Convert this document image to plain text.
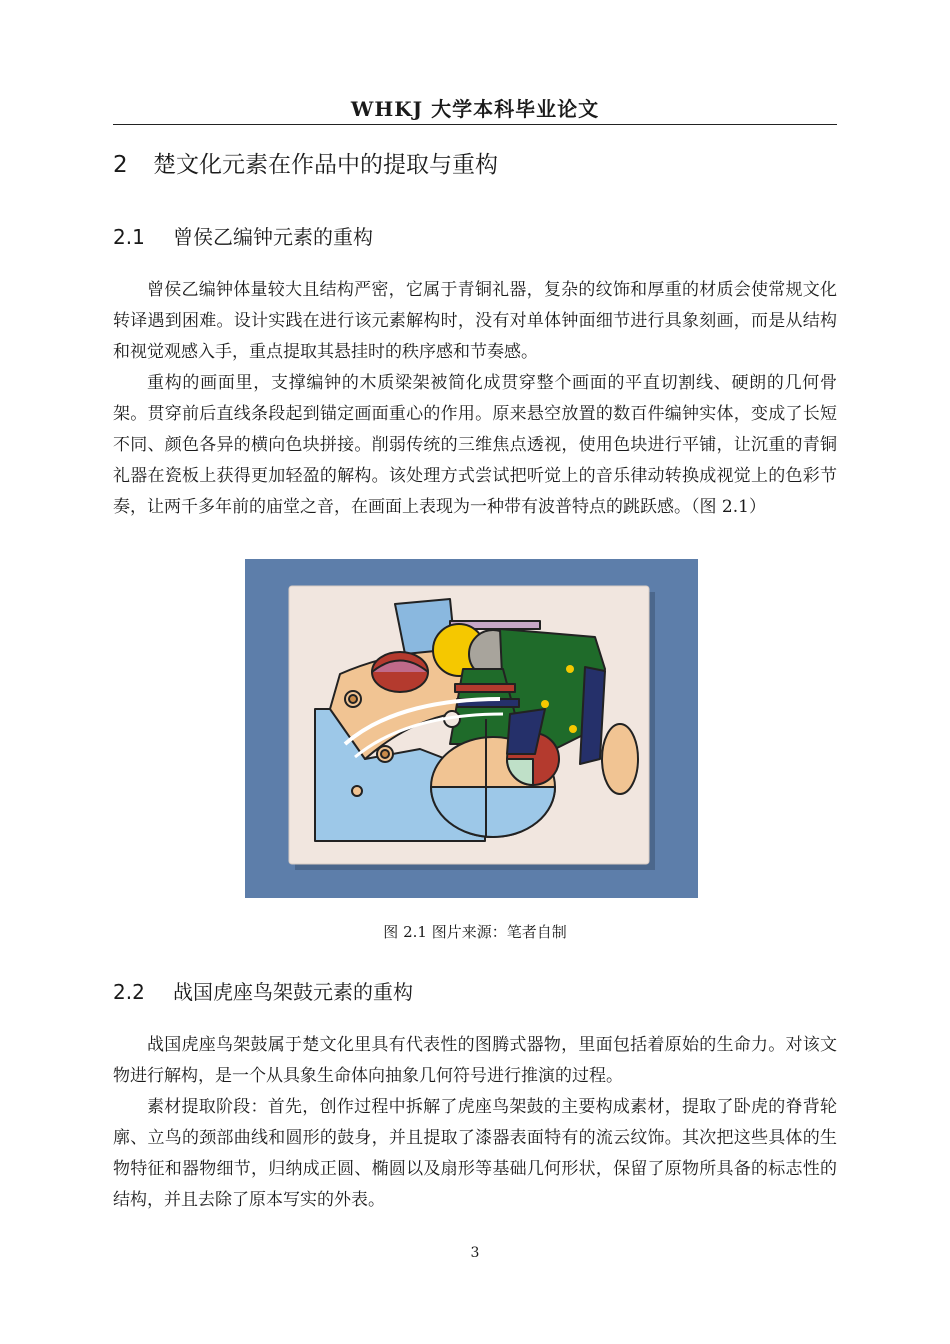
WHKJ 大学本科毕业论文
2 楚文化元素在作品中的提取与重构
2.1 曾侯乙编钟元素的重构

曾侯乙编钟体量较大且结构严密，它属于青铜礼器，复杂的纹饰和厚重的材质会使常规文化转译遇到困难。设计实践在进行该元素解构时，没有对单体钟面细节进行具象刻画，而是从结构和视觉观感入手，重点提取其悬挂时的秩序感和节奏感。

重构的画面里，支撑编钟的木质梁架被简化成贯穿整个画面的平直切割线、硬朗的几何骨架。贯穿前后直线条段起到锚定画面重心的作用。原来悬空放置的数百件编钟实体，变成了长短不同、颜色各异的横向色块拼接。削弱传统的三维焦点透视，使用色块进行平铺，让沉重的青铜礼器在瓷板上获得更加轻盈的解构。该处理方式尝试把听觉上的音乐律动转换成视觉上的色彩节奏，让两千多年前的庙堂之音，在画面上表现为一种带有波普特点的跳跃感。（图 2.1）

图 2.1 图片来源：笔者自制
2.2 战国虎座鸟架鼓元素的重构

战国虎座鸟架鼓属于楚文化里具有代表性的图腾式器物，里面包括着原始的生命力。对该文物进行解构，是一个从具象生命体向抽象几何符号进行推演的过程。

素材提取阶段：首先，创作过程中拆解了虎座鸟架鼓的主要构成素材，提取了卧虎的脊背轮廓、立鸟的颈部曲线和圆形的鼓身，并且提取了漆器表面特有的流云纹饰。其次把这些具体的生物特征和器物细节，归纳成正圆、椭圆以及扇形等基础几何形状，保留了原物所具备的标志性的结构，并且去除了原本写实的外表。

3
